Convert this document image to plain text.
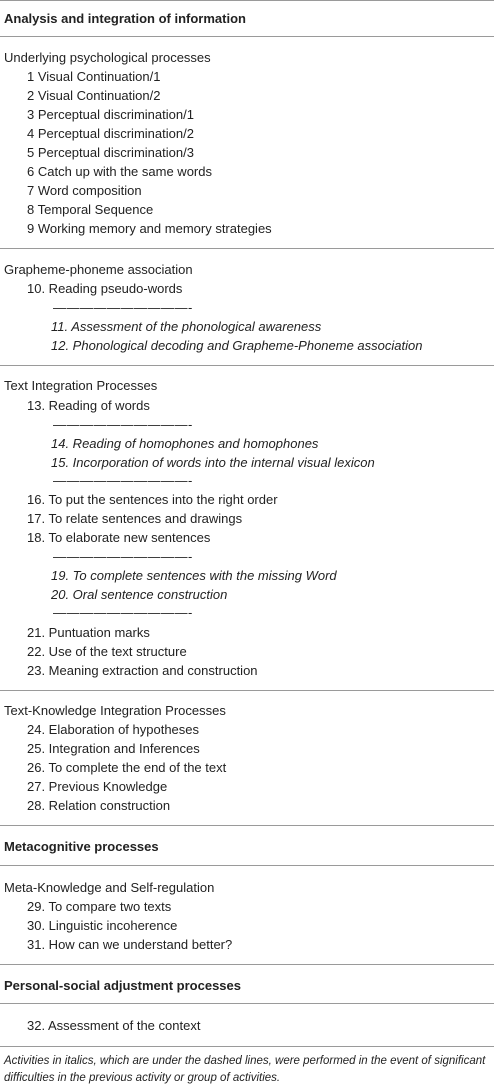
Analysis and integration of information
Underlying psychological processes
1 Visual Continuation/1
2 Visual Continuation/2
3 Perceptual discrimination/1
4 Perceptual discrimination/2
5 Perceptual discrimination/3
6 Catch up with the same words
7 Word composition
8 Temporal Sequence
9 Working memory and memory strategies
Grapheme-phoneme association
10. Reading pseudo-words
——————————-
11. Assessment of the phonological awareness
12. Phonological decoding and Grapheme-Phoneme association
Text Integration Processes
13. Reading of words
——————————-
14. Reading of homophones and homophones
15. Incorporation of words into the internal visual lexicon
——————————-
16. To put the sentences into the right order
17. To relate sentences and drawings
18. To elaborate new sentences
——————————-
19. To complete sentences with the missing Word
20. Oral sentence construction
——————————-
21. Puntuation marks
22. Use of the text structure
23. Meaning extraction and construction
Text-Knowledge Integration Processes
24. Elaboration of hypotheses
25. Integration and Inferences
26. To complete the end of the text
27. Previous Knowledge
28. Relation construction
Metacognitive processes
Meta-Knowledge and Self-regulation
29. To compare two texts
30. Linguistic incoherence
31. How can we understand better?
Personal-social adjustment processes
32. Assessment of the context
Activities in italics, which are under the dashed lines, were performed in the event of significant difficulties in the previous activity or group of activities.
